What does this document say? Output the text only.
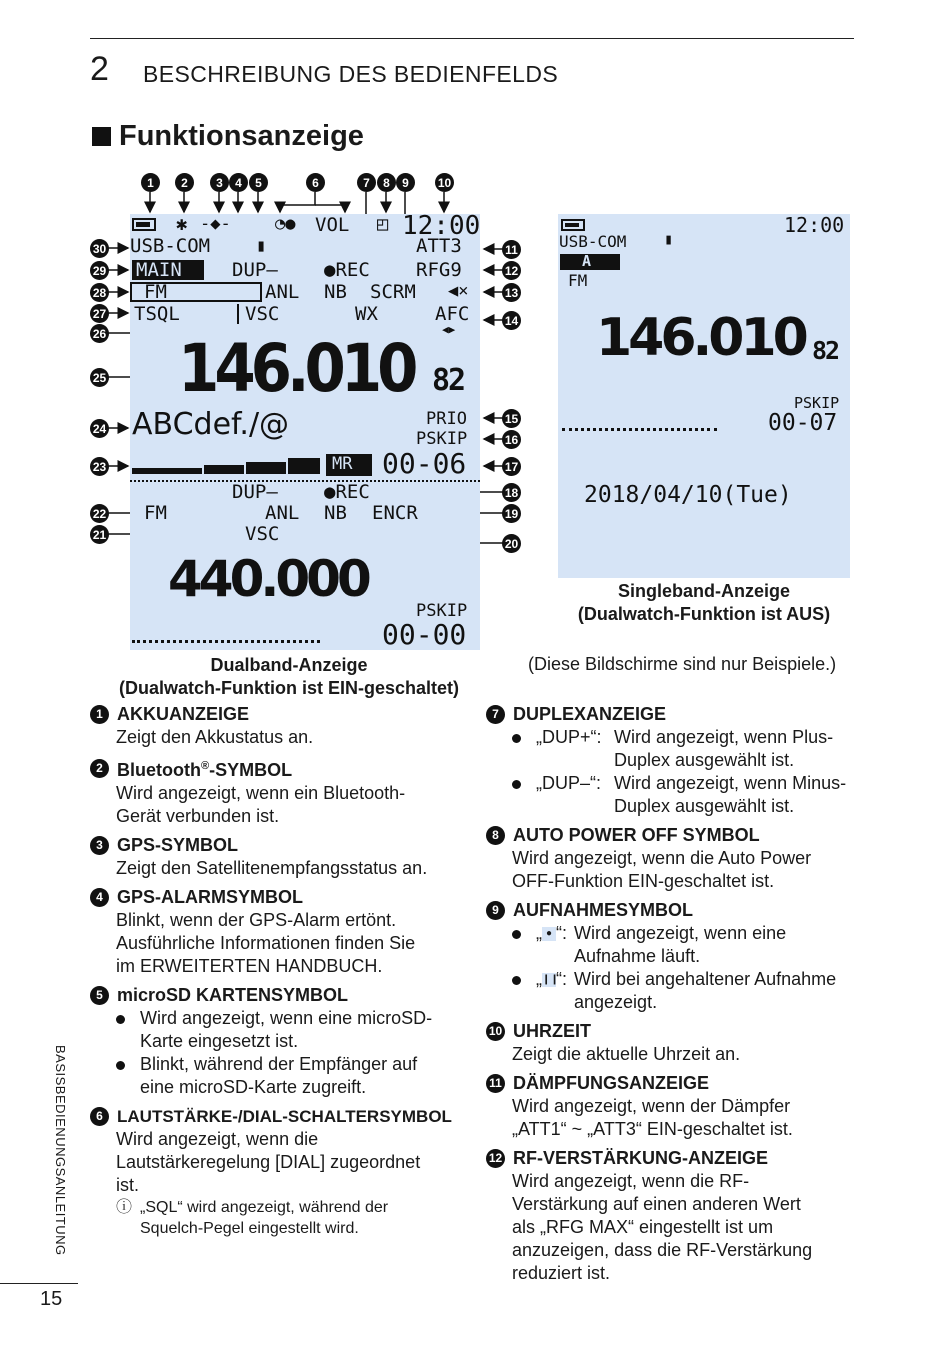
2 BESCHREIBUNG DES BEDIENFELDS
Funktionsanzeige
1	2	3	4	5	6	7	8	9	10
11
12
13
14
15
16
17
18
19
20
30
29
28
27
26
25
24
23
22
21
✱ -◆-
▮
VOL
◔●	◰ 12:00
USB-COM	ATT3
MAIN	DUP– ●REC RFG9
FM	ANL NB SCRM ◀×
TSQL	VSC	WX	AFC
◀▶
146.010 82
ABCdef./@	PRIO
PSKIP
MR 00-06
DUP– ●REC
FM	ANL NB ENCR
VSC
440.000
PSKIP
00-00
12:00
USB-COM	▮
A
FM
146.010 82
PSKIP
00-07
2018/04/10(Tue)
Singleband-Anzeige
(Dualwatch-Funktion ist AUS)
(Diese Bildschirme sind nur Beispiele.)
Dualband-Anzeige
(Dualwatch-Funktion ist EIN-geschaltet)
1 AKKUANZEIGE
Zeigt den Akkustatus an.
2 Bluetooth®-SYMBOL
Wird angezeigt, wenn ein Bluetooth-
Gerät verbunden ist.
3 GPS-SYMBOL
Zeigt den Satellitenempfangsstatus an.
4 GPS-ALARMSYMBOL
Blinkt, wenn der GPS-Alarm ertönt.
Ausführliche Informationen finden Sie
im ERWEITERTEN HANDBUCH.
5 microSD KARTENSYMBOL
Wird angezeigt, wenn eine microSD-
Karte eingesetzt ist.
Blinkt, während der Empfänger auf
eine microSD-Karte zugreift.
6 LAUTSTÄRKE-/DIAL-SCHALTERSYMBOL
Wird angezeigt, wenn die
Lautstärkeregelung [DIAL] zugeordnet
ist.
ⓘ „SQL“ wird angezeigt, während der
Squelch-Pegel eingestellt wird.
7 DUPLEXANZEIGE
„DUP+“: Wird angezeigt, wenn Plus-
Duplex ausgewählt ist.
„DUP–“: Wird angezeigt, wenn Minus-
Duplex ausgewählt ist.
8 AUTO POWER OFF SYMBOL
Wird angezeigt, wenn die Auto Power
OFF-Funktion EIN-geschaltet ist.
9 AUFNAHMESYMBOL
„ ● “: Wird angezeigt, wenn eine
Aufnahme läuft.
„❙❙“: Wird bei angehaltener Aufnahme
angezeigt.
10 UHRZEIT
Zeigt die aktuelle Uhrzeit an.
11 DÄMPFUNGSANZEIGE
Wird angezeigt, wenn der Dämpfer
„ATT1“ ~ „ATT3“ EIN-geschaltet ist.
12 RF-VERSTÄRKUNG-ANZEIGE
Wird angezeigt, wenn die RF-
Verstärkung auf einen anderen Wert
als „RFG MAX“ eingestellt ist um
anzuzeigen, dass die RF-Verstärkung
reduziert ist.
BASISBEDIENUNGSANLEITUNG
15
